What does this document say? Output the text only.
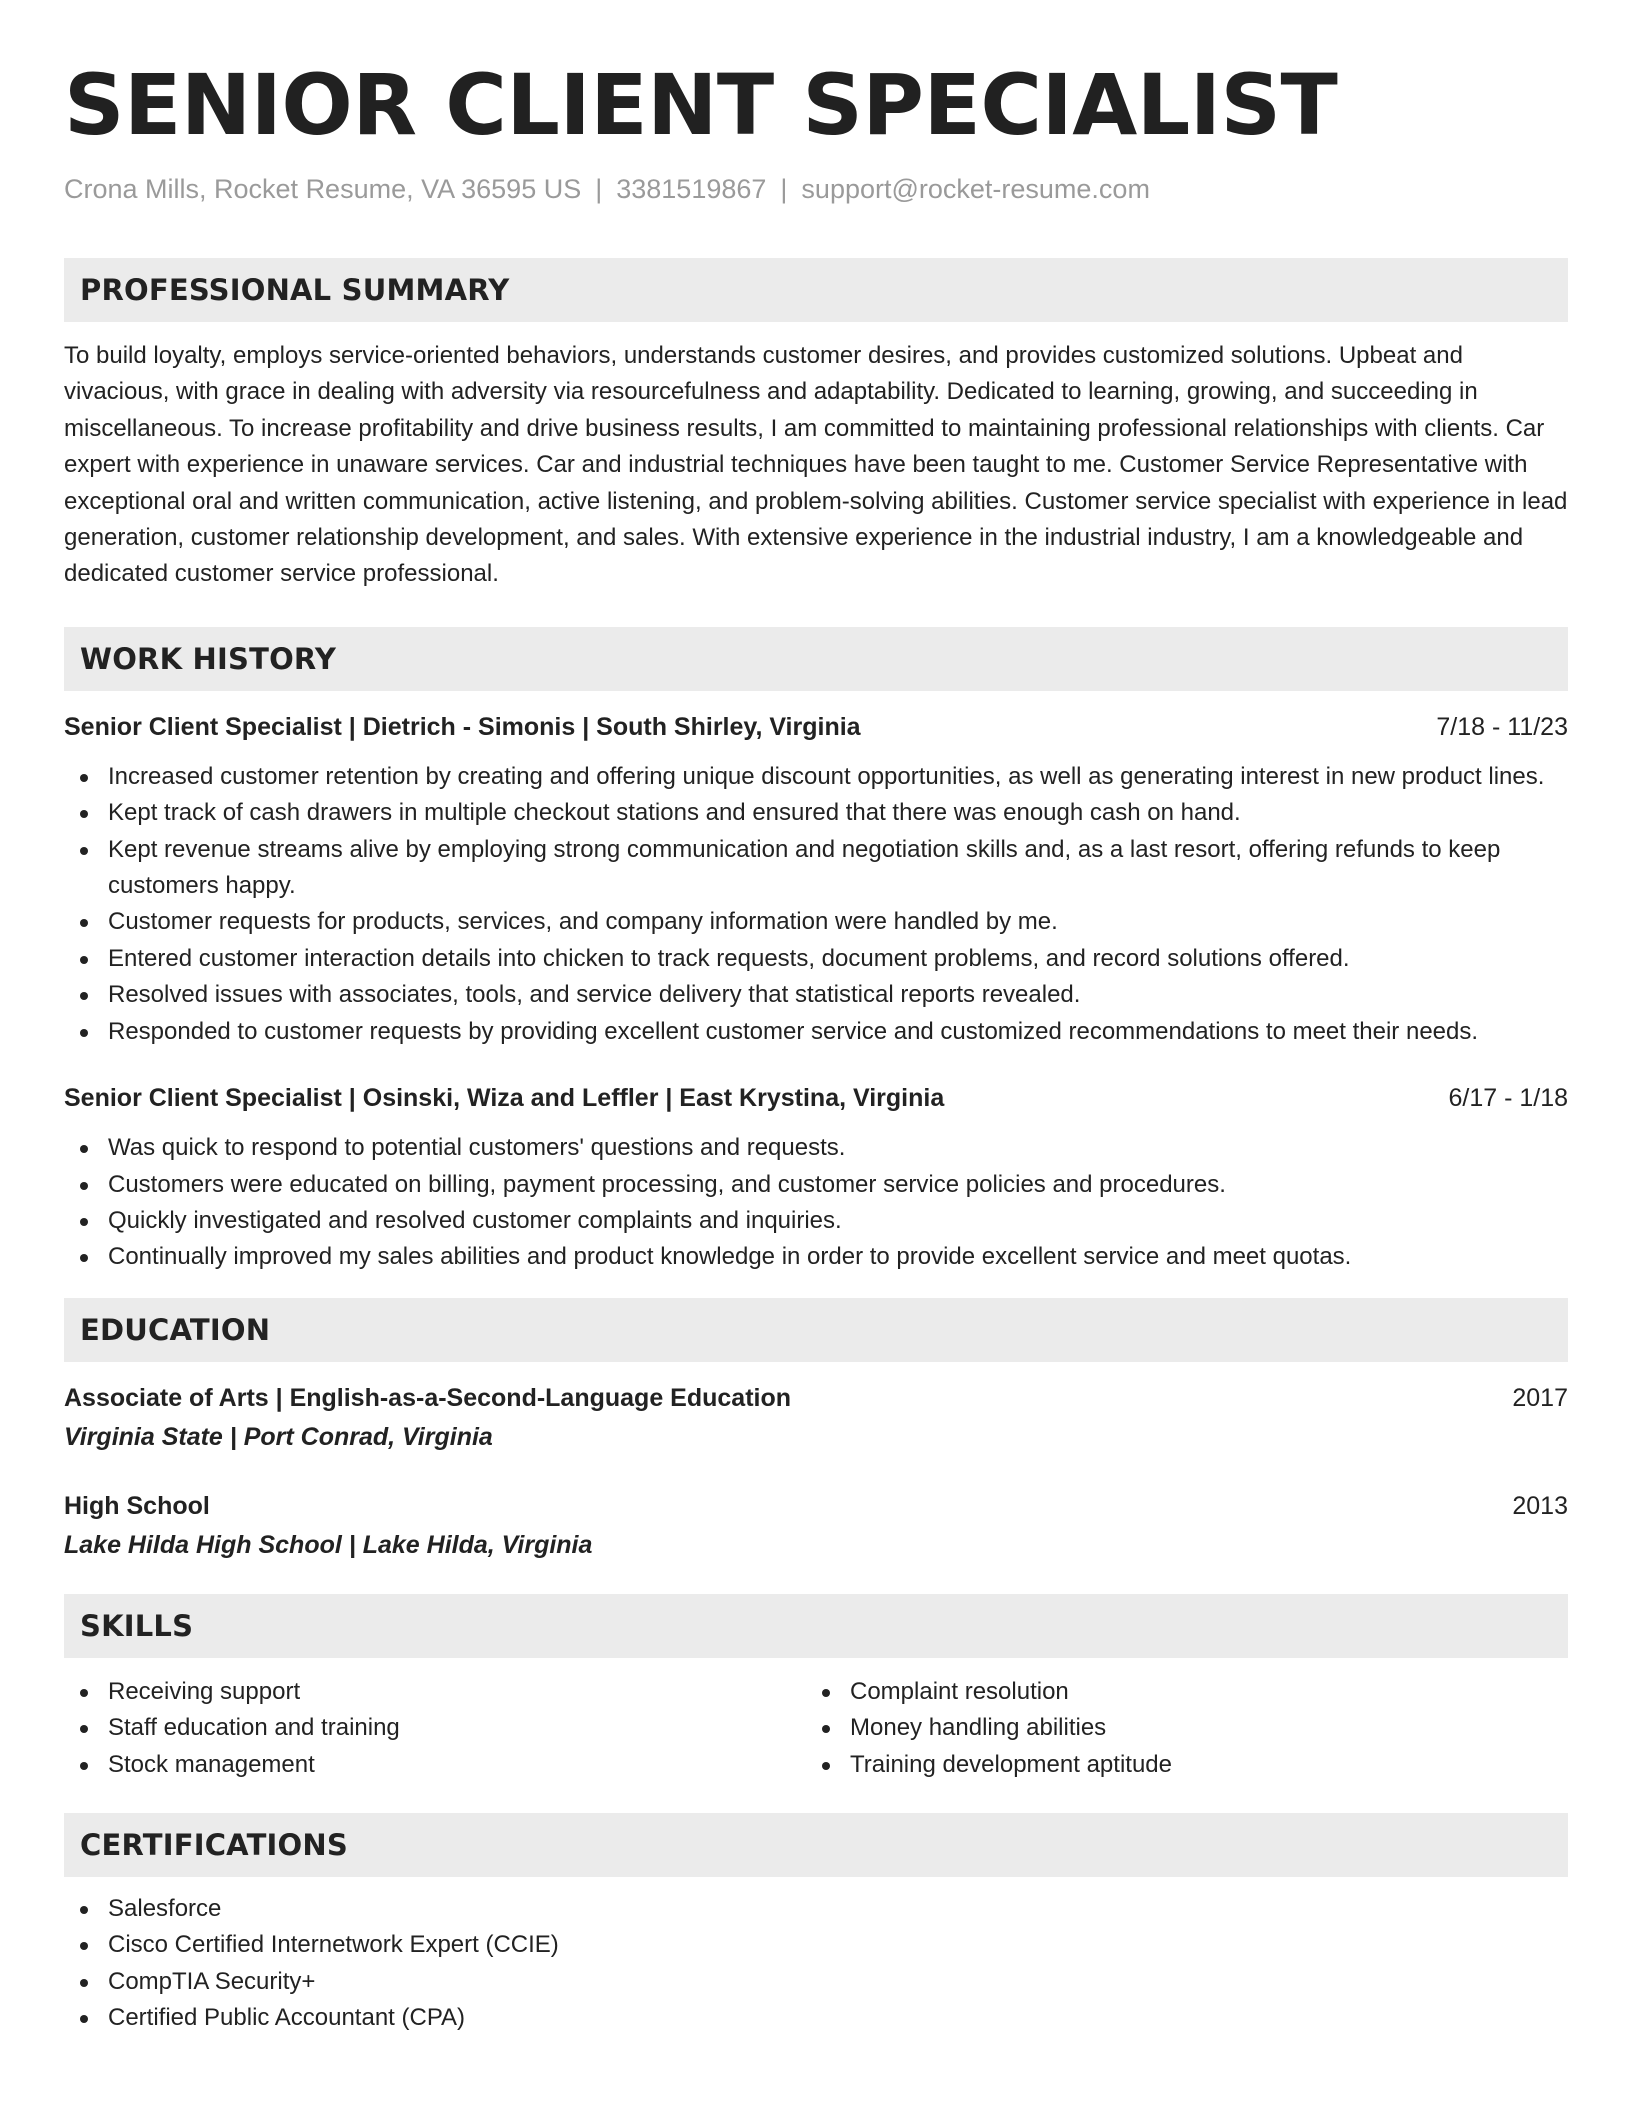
SENIOR CLIENT SPECIALIST
Crona Mills, Rocket Resume, VA 36595 US | 3381519867 | support@rocket-resume.com
PROFESSIONAL SUMMARY

To build loyalty, employs service-oriented behaviors, understands customer desires, and provides customized solutions. Upbeat and vivacious, with grace in dealing with adversity via resourcefulness and adaptability. Dedicated to learning, growing, and succeeding in miscellaneous. To increase profitability and drive business results, I am committed to maintaining professional relationships with clients. Car expert with experience in unaware services. Car and industrial techniques have been taught to me. Customer Service Representative with exceptional oral and written communication, active listening, and problem-solving abilities. Customer service specialist with experience in lead generation, customer relationship development, and sales. With extensive experience in the industrial industry, I am a knowledgeable and dedicated customer service professional.

WORK HISTORY
Senior Client Specialist | Dietrich - Simonis | South Shirley, Virginia	7/18 - 11/23
Increased customer retention by creating and offering unique discount opportunities, as well as generating interest in new product lines.
Kept track of cash drawers in multiple checkout stations and ensured that there was enough cash on hand.
Kept revenue streams alive by employing strong communication and negotiation skills and, as a last resort, offering refunds to keep customers happy.
Customer requests for products, services, and company information were handled by me.
Entered customer interaction details into chicken to track requests, document problems, and record solutions offered.
Resolved issues with associates, tools, and service delivery that statistical reports revealed.
Responded to customer requests by providing excellent customer service and customized recommendations to meet their needs.
Senior Client Specialist | Osinski, Wiza and Leffler | East Krystina, Virginia	6/17 - 1/18
Was quick to respond to potential customers' questions and requests.
Customers were educated on billing, payment processing, and customer service policies and procedures.
Quickly investigated and resolved customer complaints and inquiries.
Continually improved my sales abilities and product knowledge in order to provide excellent service and meet quotas.
EDUCATION
Associate of Arts | English-as-a-Second-Language Education	2017
Virginia State | Port Conrad, Virginia
High School	2013
Lake Hilda High School | Lake Hilda, Virginia
SKILLS
Receiving support
Staff education and training
Stock management
Complaint resolution
Money handling abilities
Training development aptitude
CERTIFICATIONS
Salesforce
Cisco Certified Internetwork Expert (CCIE)
CompTIA Security+
Certified Public Accountant (CPA)
